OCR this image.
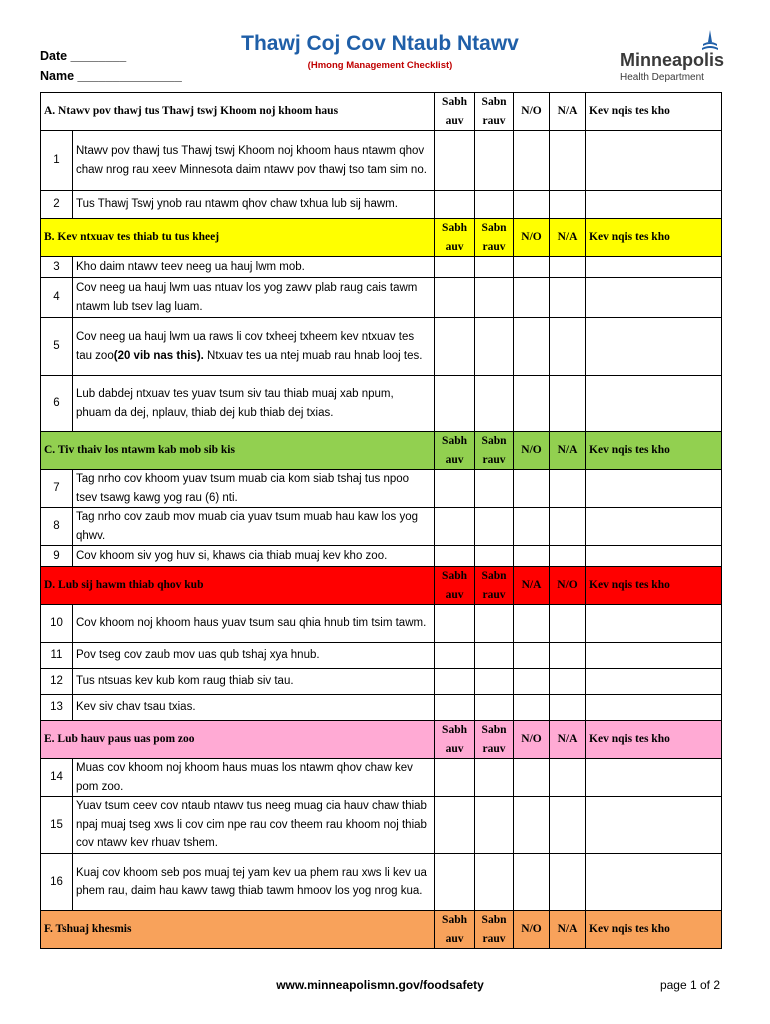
Date ________
Name _______________
Thawj Coj Cov Ntaub Ntawv
(Hmong Management Checklist)	Minneapolis
Health Department
A. Ntawv pov thawj tus Thawj tswj Khoom noj khoom haus		Sabh auv	Sabn rauv	N/O	N/A	Kev nqis tes kho
1	Ntawv pov thawj tus Thawj tswj Khoom noj khoom haus ntawm qhov chaw nrog rau xeev Minnesota daim ntawv pov thawj tso tam sim no.					
2	Tus Thawj Tswj ynob rau ntawm qhov chaw txhua lub sij hawm.					
B. Kev ntxuav tes thiab tu tus kheej		Sabh auv	Sabn rauv	N/O	N/A	Kev nqis tes kho
3	Kho daim ntawv teev neeg ua hauj lwm mob.					
4	Cov neeg ua hauj lwm uas ntuav los yog zawv plab raug cais tawm ntawm lub tsev lag luam.					
5	Cov neeg ua hauj lwm ua raws li cov txheej txheem kev ntxuav tes tau zoo(20 vib nas this). Ntxuav tes ua ntej muab rau hnab looj tes.					
6	Lub dabdej ntxuav tes yuav tsum siv tau thiab muaj xab npum, phuam da dej, nplauv, thiab dej kub thiab dej txias.					
C. Tiv thaiv los ntawm kab mob sib kis		Sabh auv	Sabn rauv	N/O	N/A	Kev nqis tes kho
7	Tag nrho cov khoom yuav tsum muab cia kom siab tshaj tus npoo tsev tsawg kawg yog rau (6) nti.					
8	Tag nrho cov zaub mov muab cia yuav tsum muab hau kaw los yog qhwv.					
9	Cov khoom siv yog huv si, khaws cia thiab muaj kev kho zoo.					
D. Lub sij hawm thiab qhov kub		Sabh auv	Sabn rauv	N/A	N/O	Kev nqis tes kho
10	Cov khoom noj khoom haus yuav tsum sau qhia hnub tim tsim tawm.					
11	Pov tseg cov zaub mov uas qub tshaj xya hnub.					
12	Tus ntsuas kev kub kom raug thiab siv tau.					
13	Kev siv chav tsau txias.					
E. Lub hauv paus uas pom zoo		Sabh auv	Sabn rauv	N/O	N/A	Kev nqis tes kho
14	Muas cov khoom noj khoom haus muas los ntawm qhov chaw kev pom zoo.					
15	Yuav tsum ceev cov ntaub ntawv tus neeg muag cia hauv chaw thiab npaj muaj tseg xws li cov cim npe rau cov theem rau khoom noj thiab cov ntawv kev rhuav tshem.					
16	Kuaj cov khoom seb pos muaj tej yam kev ua phem rau xws li kev ua phem rau, daim hau kawv tawg thiab tawm hmoov los yog nrog kua.					
F. Tshuaj khesmis		Sabh auv	Sabn rauv	N/O	N/A	Kev nqis tes kho
www.minneapolismn.gov/foodsafety	page 1 of 2
